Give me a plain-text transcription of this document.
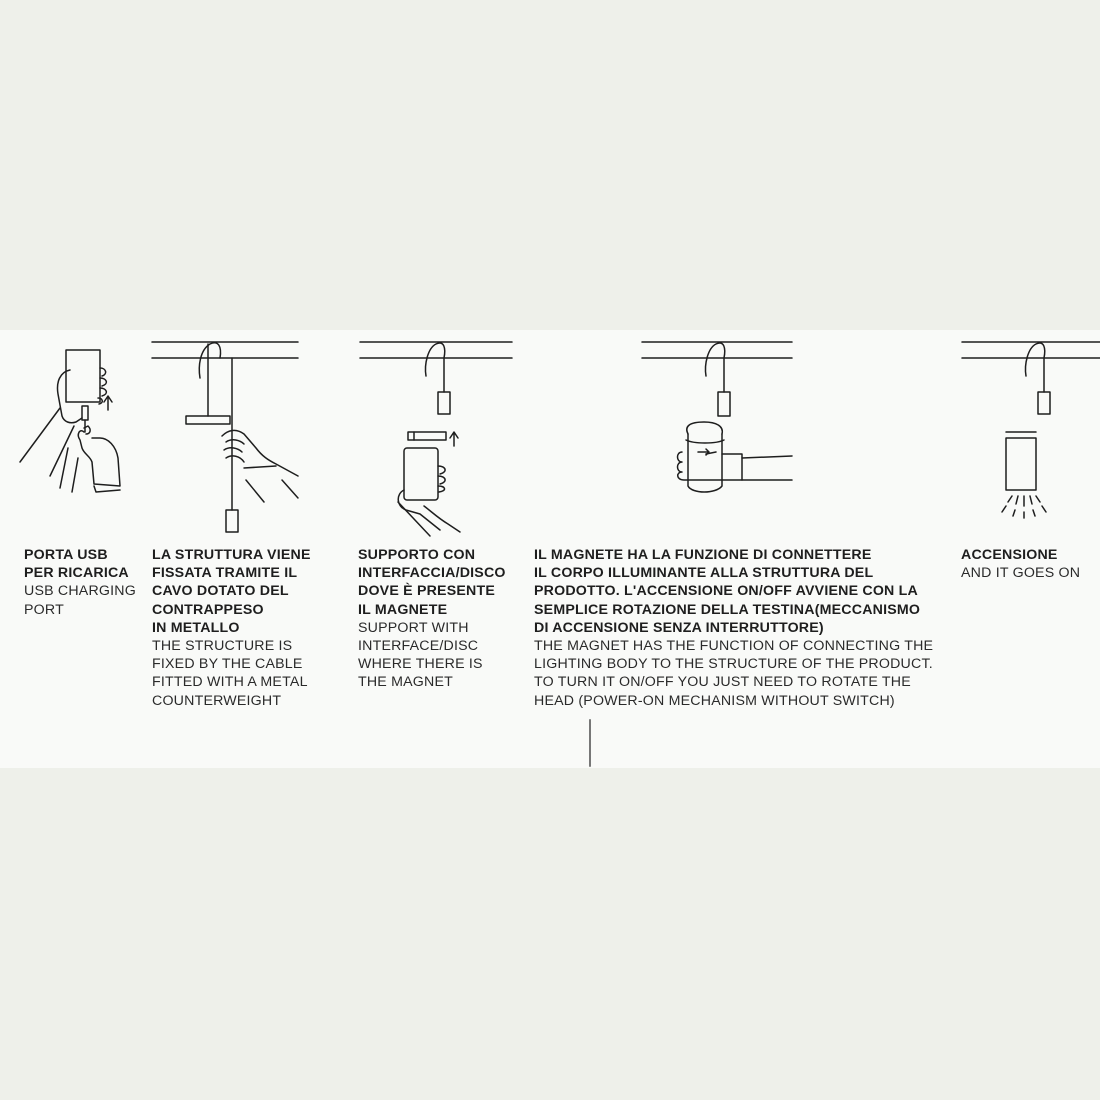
PORTA USB
PER RICARICA
USB CHARGING
PORT
LA STRUTTURA VIENE
FISSATA TRAMITE IL
CAVO DOTATO DEL
CONTRAPPESO
IN METALLO
THE STRUCTURE IS
FIXED BY THE CABLE
FITTED WITH A METAL
COUNTERWEIGHT
SUPPORTO CON
INTERFACCIA/DISCO
DOVE È PRESENTE
IL MAGNETE
SUPPORT WITH
INTERFACE/DISC
WHERE THERE IS
THE MAGNET
IL MAGNETE HA LA FUNZIONE DI CONNETTERE
IL CORPO ILLUMINANTE ALLA STRUTTURA DEL
PRODOTTO. L'ACCENSIONE ON/OFF AVVIENE CON LA
SEMPLICE ROTAZIONE DELLA TESTINA(MECCANISMO
DI ACCENSIONE SENZA INTERRUTTORE)
THE MAGNET HAS THE FUNCTION OF CONNECTING THE
LIGHTING BODY TO THE STRUCTURE OF THE PRODUCT.
TO TURN IT ON/OFF YOU JUST NEED TO ROTATE THE
HEAD (POWER-ON MECHANISM WITHOUT SWITCH)
ACCENSIONE
AND IT GOES ON
